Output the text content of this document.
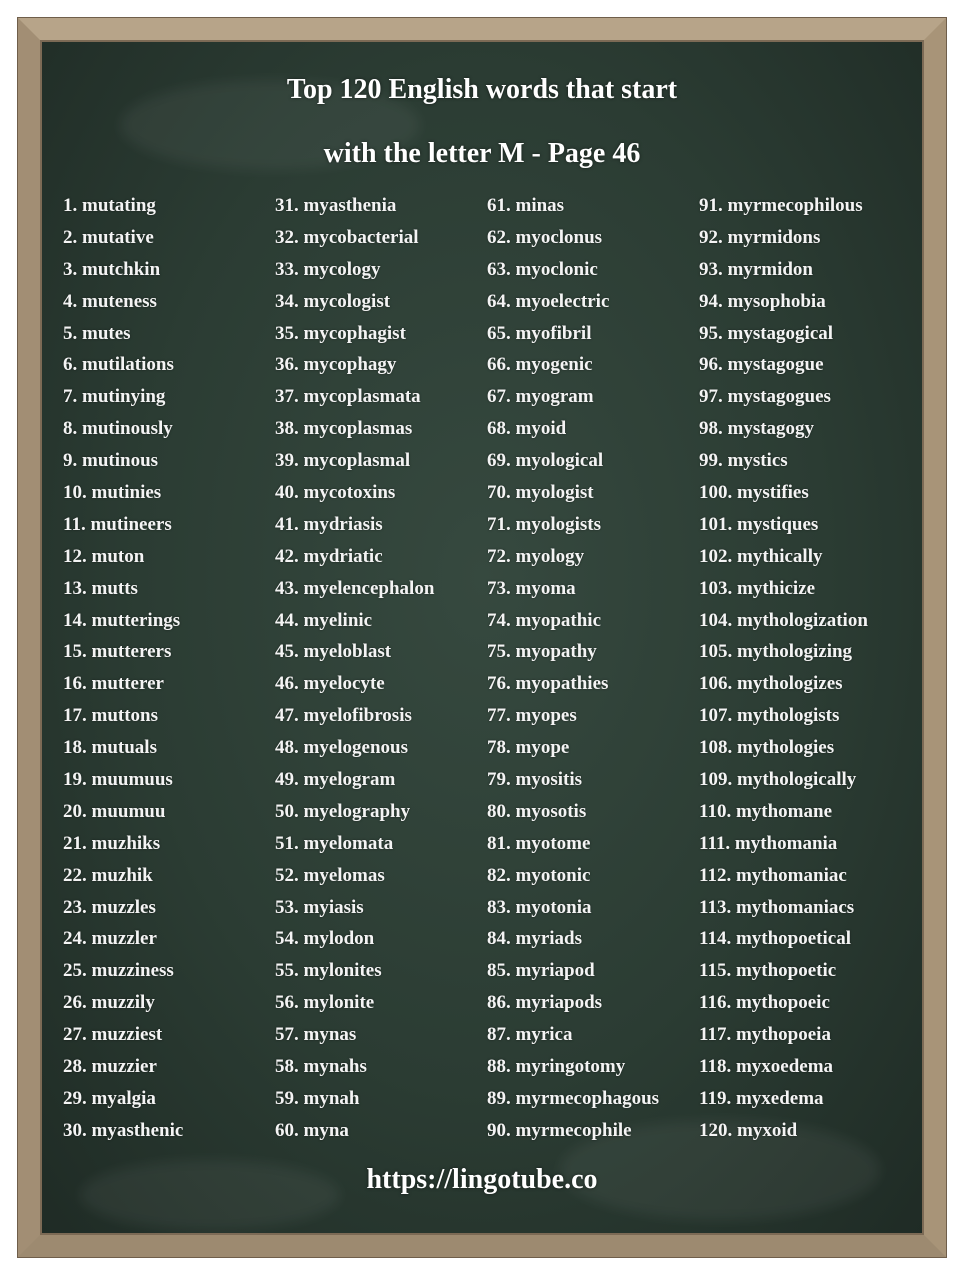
Top 120 English words that start
with the letter M - Page 46
1. mutating
2. mutative
3. mutchkin
4. muteness
5. mutes
6. mutilations
7. mutinying
8. mutinously
9. mutinous
10. mutinies
11. mutineers
12. muton
13. mutts
14. mutterings
15. mutterers
16. mutterer
17. muttons
18. mutuals
19. muumuus
20. muumuu
21. muzhiks
22. muzhik
23. muzzles
24. muzzler
25. muzziness
26. muzzily
27. muzziest
28. muzzier
29. myalgia
30. myasthenic
31. myasthenia
32. mycobacterial
33. mycology
34. mycologist
35. mycophagist
36. mycophagy
37. mycoplasmata
38. mycoplasmas
39. mycoplasmal
40. mycotoxins
41. mydriasis
42. mydriatic
43. myelencephalon
44. myelinic
45. myeloblast
46. myelocyte
47. myelofibrosis
48. myelogenous
49. myelogram
50. myelography
51. myelomata
52. myelomas
53. myiasis
54. mylodon
55. mylonites
56. mylonite
57. mynas
58. mynahs
59. mynah
60. myna
61. minas
62. myoclonus
63. myoclonic
64. myoelectric
65. myofibril
66. myogenic
67. myogram
68. myoid
69. myological
70. myologist
71. myologists
72. myology
73. myoma
74. myopathic
75. myopathy
76. myopathies
77. myopes
78. myope
79. myositis
80. myosotis
81. myotome
82. myotonic
83. myotonia
84. myriads
85. myriapod
86. myriapods
87. myrica
88. myringotomy
89. myrmecophagous
90. myrmecophile
91. myrmecophilous
92. myrmidons
93. myrmidon
94. mysophobia
95. mystagogical
96. mystagogue
97. mystagogues
98. mystagogy
99. mystics
100. mystifies
101. mystiques
102. mythically
103. mythicize
104. mythologization
105. mythologizing
106. mythologizes
107. mythologists
108. mythologies
109. mythologically
110. mythomane
111. mythomania
112. mythomaniac
113. mythomaniacs
114. mythopoetical
115. mythopoetic
116. mythopoeic
117. mythopoeia
118. myxoedema
119. myxedema
120. myxoid
https://lingotube.co
